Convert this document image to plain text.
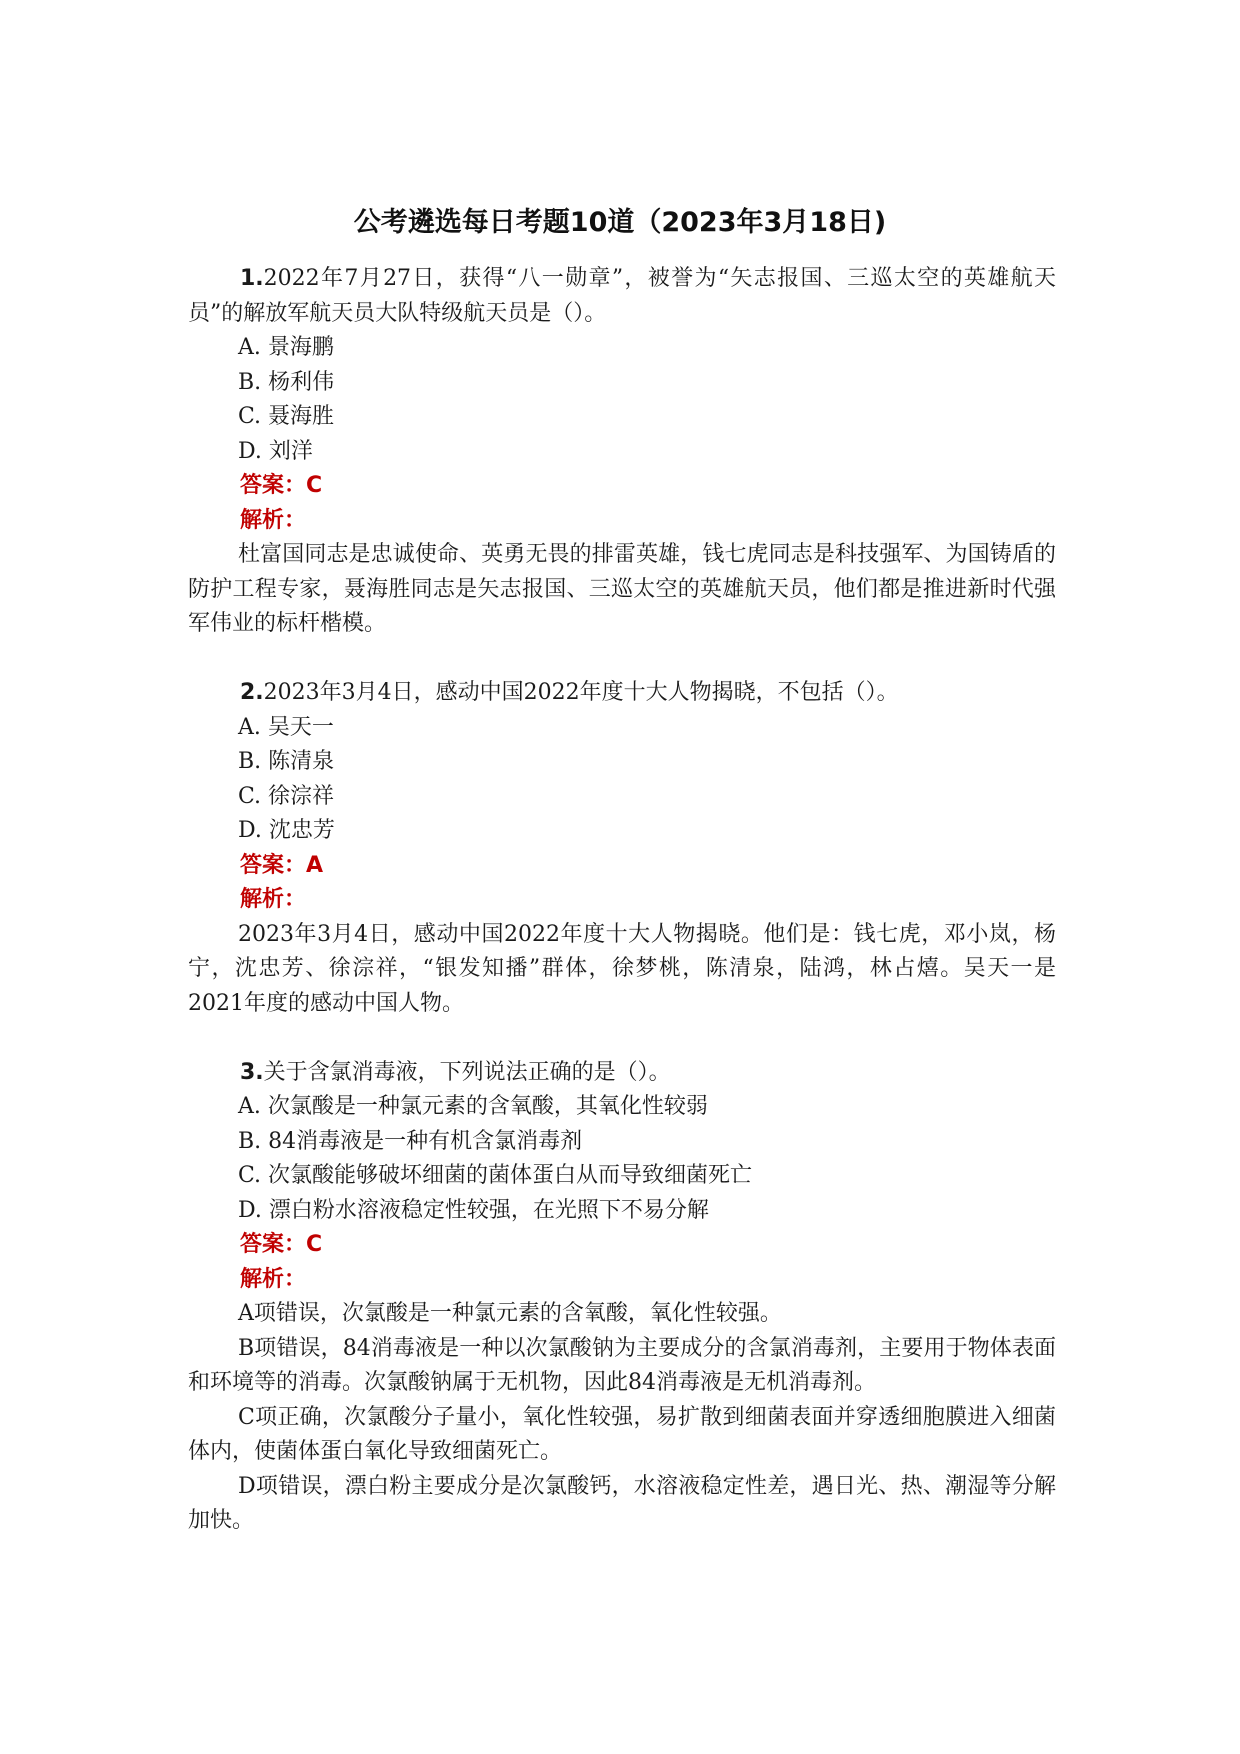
公考遴选每日考题10道（2023年3月18日)

1.2022年7月27日，获得“八一勋章”，被誉为“矢志报国、三巡太空的英雄航天员”的解放军航天员大队特级航天员是（）。

A. 景海鹏

B. 杨利伟

C. 聂海胜

D. 刘洋

答案：C

解析：

杜富国同志是忠诚使命、英勇无畏的排雷英雄，钱七虎同志是科技强军、为国铸盾的防护工程专家，聂海胜同志是矢志报国、三巡太空的英雄航天员，他们都是推进新时代强军伟业的标杆楷模。

2.2023年3月4日，感动中国2022年度十大人物揭晓，不包括（）。

A. 吴天一

B. 陈清泉

C. 徐淙祥

D. 沈忠芳

答案：A

解析：

2023年3月4日，感动中国2022年度十大人物揭晓。他们是：钱七虎，邓小岚，杨宁，沈忠芳、徐淙祥，“银发知播”群体，徐梦桃，陈清泉，陆鸿，林占熺。吴天一是2021年度的感动中国人物。

3.关于含氯消毒液，下列说法正确的是（）。

A. 次氯酸是一种氯元素的含氧酸，其氧化性较弱

B. 84消毒液是一种有机含氯消毒剂

C. 次氯酸能够破坏细菌的菌体蛋白从而导致细菌死亡

D. 漂白粉水溶液稳定性较强，在光照下不易分解

答案：C

解析：

A项错误，次氯酸是一种氯元素的含氧酸，氧化性较强。

B项错误，84消毒液是一种以次氯酸钠为主要成分的含氯消毒剂，主要用于物体表面和环境等的消毒。次氯酸钠属于无机物，因此84消毒液是无机消毒剂。

C项正确，次氯酸分子量小，氧化性较强，易扩散到细菌表面并穿透细胞膜进入细菌体内，使菌体蛋白氧化导致细菌死亡。

D项错误，漂白粉主要成分是次氯酸钙，水溶液稳定性差，遇日光、热、潮湿等分解加快。
